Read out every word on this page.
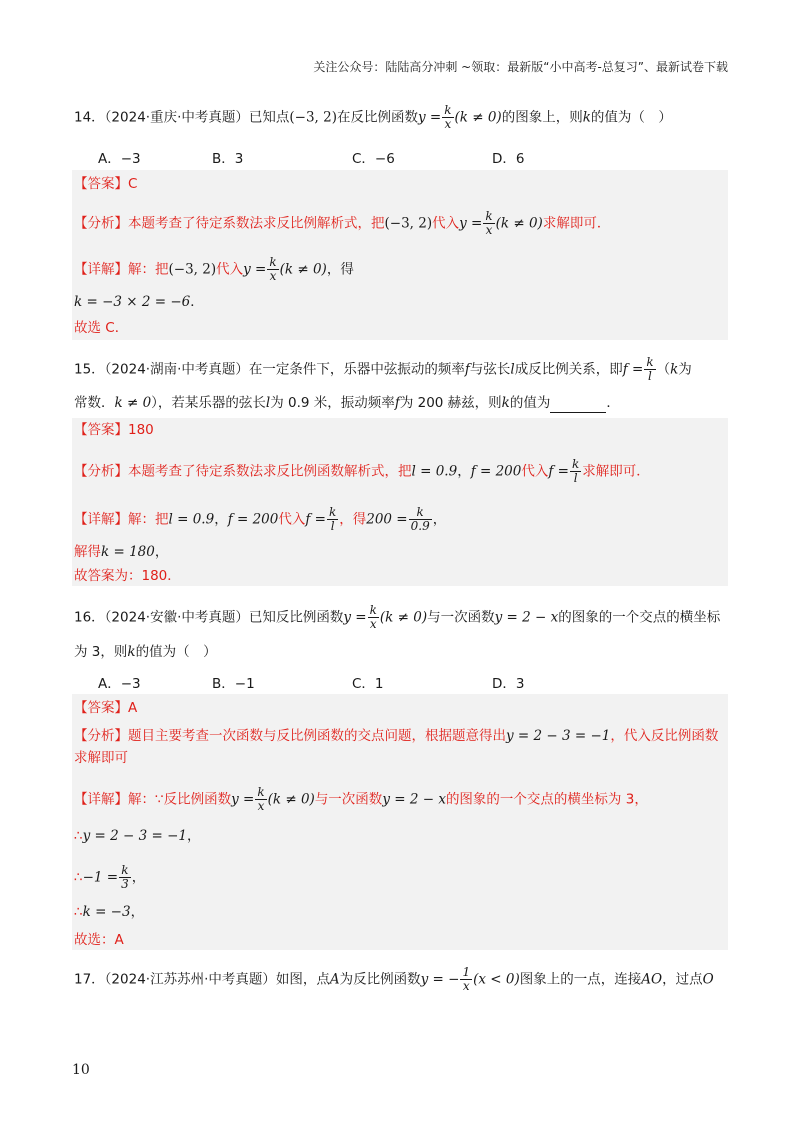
关注公众号：陆陆高分冲刺 ~领取：最新版“小中高考-总复习”、最新试卷下载
14．（2024·重庆·中考真题）已知点(−3, 2)在反比例函数$y = \frac{k}{x} (k \ne 0)$的图象上，则k的值为（　）
A．−3	B．3	C．−6	D．6
【答案】C
【分析】本题考查了待定系数法求反比例解析式，把(−3, 2)代入$y = \frac{k}{x} (k \ne 0)$求解即可．
【详解】解：把(−3, 2)代入$y = \frac{k}{x} (k \ne 0)$，得
k = −3 × 2 = −6．
故选 C．
15．（2024·湖南·中考真题）在一定条件下，乐器中弦振动的频率f与弦长l成反比例关系，即$f = \frac{k}{l} (k$为
常数．k ≠ 0），若某乐器的弦长l为 0.9 米，振动频率f为 200 赫兹，则k的值为	．
【答案】180
【分析】本题考查了待定系数法求反比例函数解析式，把l = 0.9，f = 200代入$f = \frac{k}{l}$ 求解即可．
【详解】解：把l = 0.9，f = 200代入$f = \frac{k}{l}$ ，得$200 = \frac{k}{0.9}$ ，
解得k = 180，
故答案为：180．
16．（2024·安徽·中考真题）已知反比例函数$y = \frac{k}{x} (k \ne 0)$与一次函数y = 2 − x的图象的一个交点的横坐标
为 3，则k的值为（　）
A．−3	B．−1	C．1	D．3
【答案】A
【分析】题目主要考查一次函数与反比例函数的交点问题，根据题意得出y = 2 − 3 = −1，代入反比例函数
求解即可
【详解】解：∵反比例函数$y = \frac{k}{x} (k \ne 0)$与一次函数y = 2 − x的图象的一个交点的横坐标为 3，
∴y = 2 − 3 = −1，
∴−1 = $\frac{k}{3}$ ，
∴k = −3，
故选：A
17．（2024·江苏苏州·中考真题）如图，点A为反比例函数y = − $\frac{1}{x} (x < 0)$图象上的一点，连接AO，过点O
10
